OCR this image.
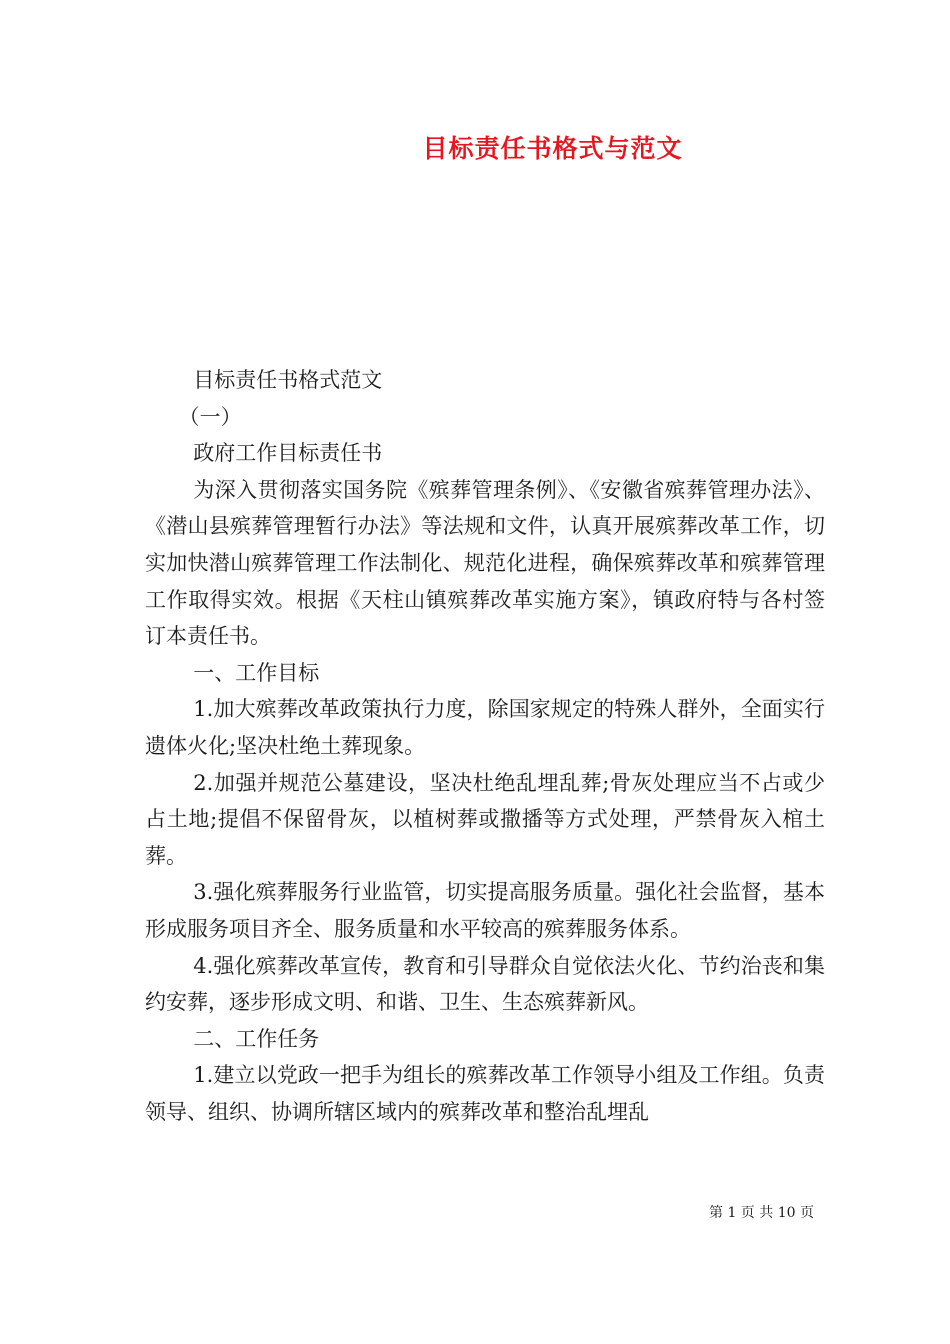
目标责任书格式与范文

目标责任书格式范文

（一）

政府工作目标责任书

为深入贯彻落实国务院《殡葬管理条例》、《安徽省殡葬管理办法》、《潜山县殡葬管理暂行办法》等法规和文件，认真开展殡葬改革工作，切实加快潜山殡葬管理工作法制化、规范化进程，确保殡葬改革和殡葬管理工作取得实效。根据《天柱山镇殡葬改革实施方案》，镇政府特与各村签订本责任书。

一、工作目标

1.加大殡葬改革政策执行力度，除国家规定的特殊人群外，全面实行遗体火化;坚决杜绝土葬现象。

2.加强并规范公墓建设，坚决杜绝乱埋乱葬;骨灰处理应当不占或少占土地;提倡不保留骨灰，以植树葬或撒播等方式处理，严禁骨灰入棺土葬。

3.强化殡葬服务行业监管，切实提高服务质量。强化社会监督，基本形成服务项目齐全、服务质量和水平较高的殡葬服务体系。

4.强化殡葬改革宣传，教育和引导群众自觉依法火化、节约治丧和集约安葬，逐步形成文明、和谐、卫生、生态殡葬新风。

二、工作任务

1.建立以党政一把手为组长的殡葬改革工作领导小组及工作组。负责领导、组织、协调所辖区域内的殡葬改革和整治乱埋乱

第 1 页 共 10 页
